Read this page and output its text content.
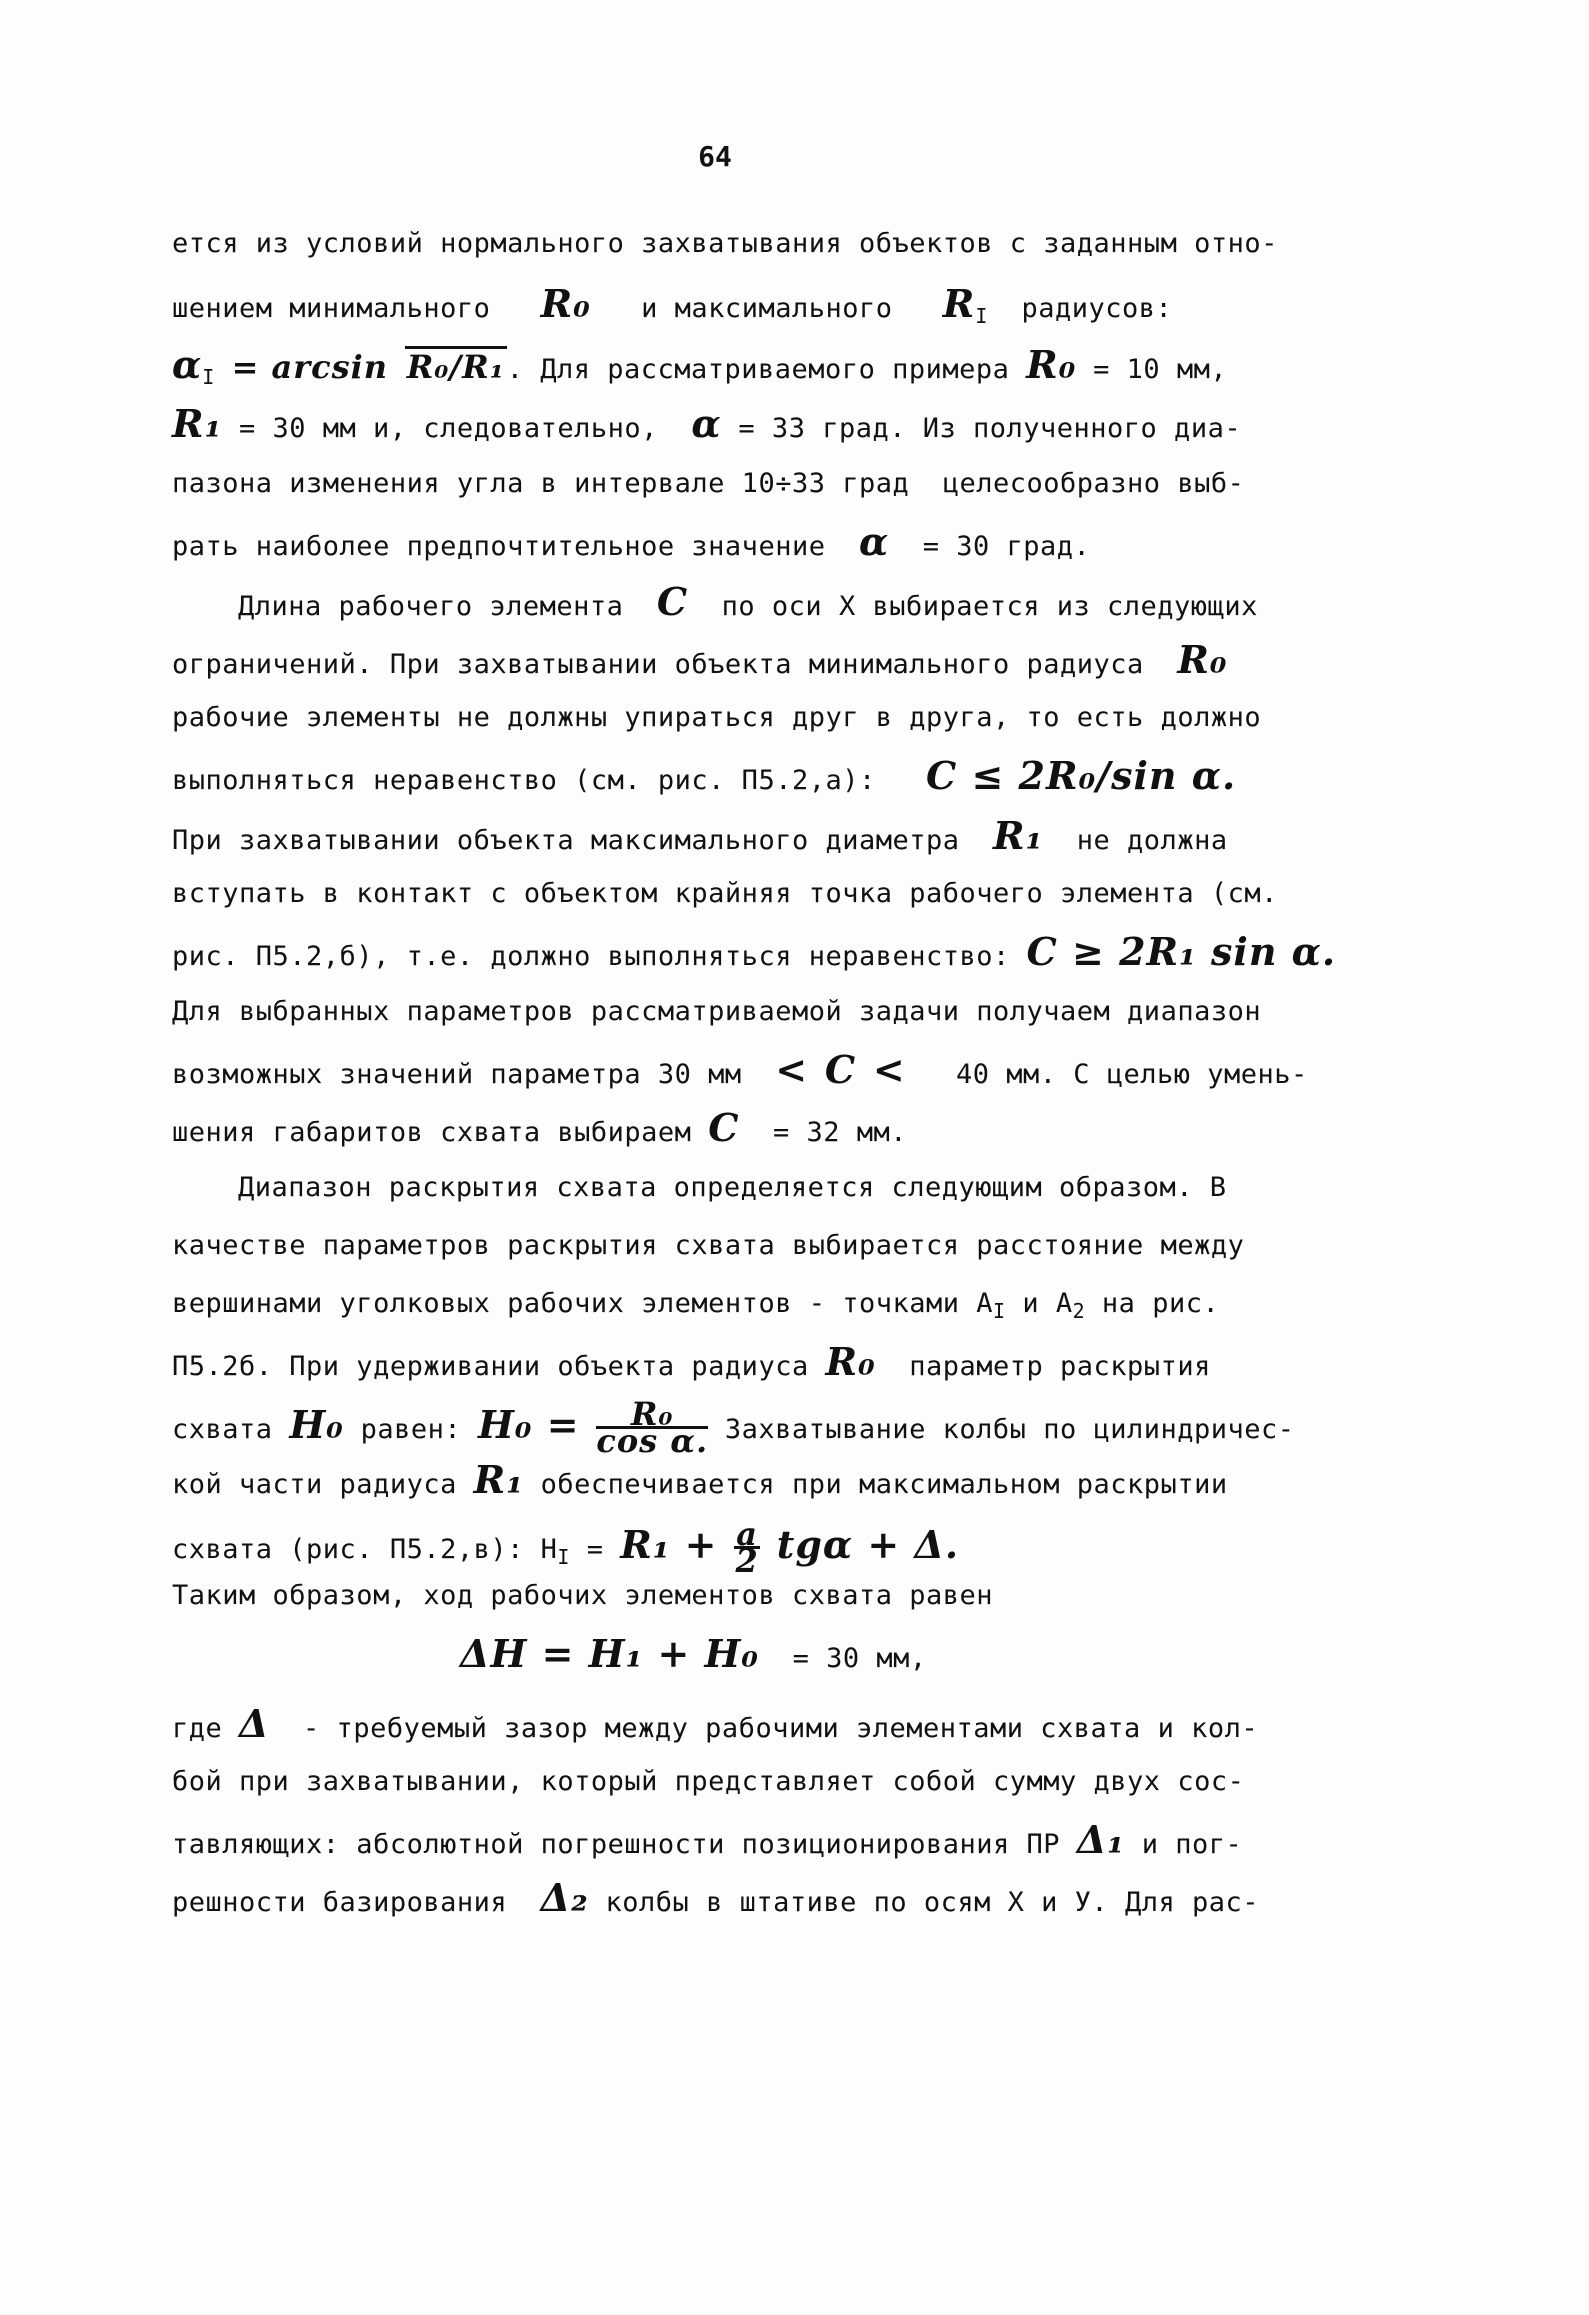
64
ется из условий нормального захватывания объектов с заданным отно-
шением минимального R₀ и максимального $R_I$ радиусов:
$\alpha_I = \arcsin R_0/R_1$. Для рассматриваемого примера R₀ = 10 мм,
R₁ = 30 мм и, следовательно, α = 33 град. Из полученного диа-
пазона изменения угла в интервале 10÷33 град  целесообразно выб-
рать наиболее предпочтительное значение α = 30 град.
Длина рабочего элемента C по оси X выбирается из следующих
ограничений. При захватывании объекта минимального радиуса R₀
рабочие элементы не должны упираться друг в друга, то есть должно
выполняться неравенство (см. рис. П5.2,а): C ≤ 2R₀/sin α.
При захватывании объекта максимального диаметра R₁ не должна
вступать в контакт с объектом крайняя точка рабочего элемента (см.
рис. П5.2,б), т.е. должно выполняться неравенство: C ≥ 2R₁ sin α.
Для выбранных параметров рассматриваемой задачи получаем диапазон
возможных значений параметра 30 мм < C < 40 мм. С целью умень-
шения габаритов схвата выбираем C = 32 мм.
Диапазон раскрытия схвата определяется следующим образом. В
качестве параметров раскрытия схвата выбирается расстояние между
вершинами уголковых рабочих элементов - точками $A_I$ и $A_2$ на рис.
П5.2б. При удерживании объекта радиуса R₀ параметр раскрытия
схвата H₀ равен: $H_0 = \frac{\text{R₀}}{\text{cos α.}}$ Захватывание колбы по цилиндричес-
кой части радиуса R₁ обеспечивается при максимальном раскрытии
схвата (рис. П5.2,в): $H_I = R_1 + \frac{a}{2}$ tgα + Δ.
Таким образом, ход рабочих элементов схвата равен
ΔH = H₁ + H₀ = 30 мм,
где Δ - требуемый зазор между рабочими элементами схвата и кол-
бой при захватывании, который представляет собой сумму двух сос-
тавляющих: абсолютной погрешности позиционирования ПР Δ₁ и пог-
решности базирования Δ₂ колбы в штативе по осям X и У. Для рас-
